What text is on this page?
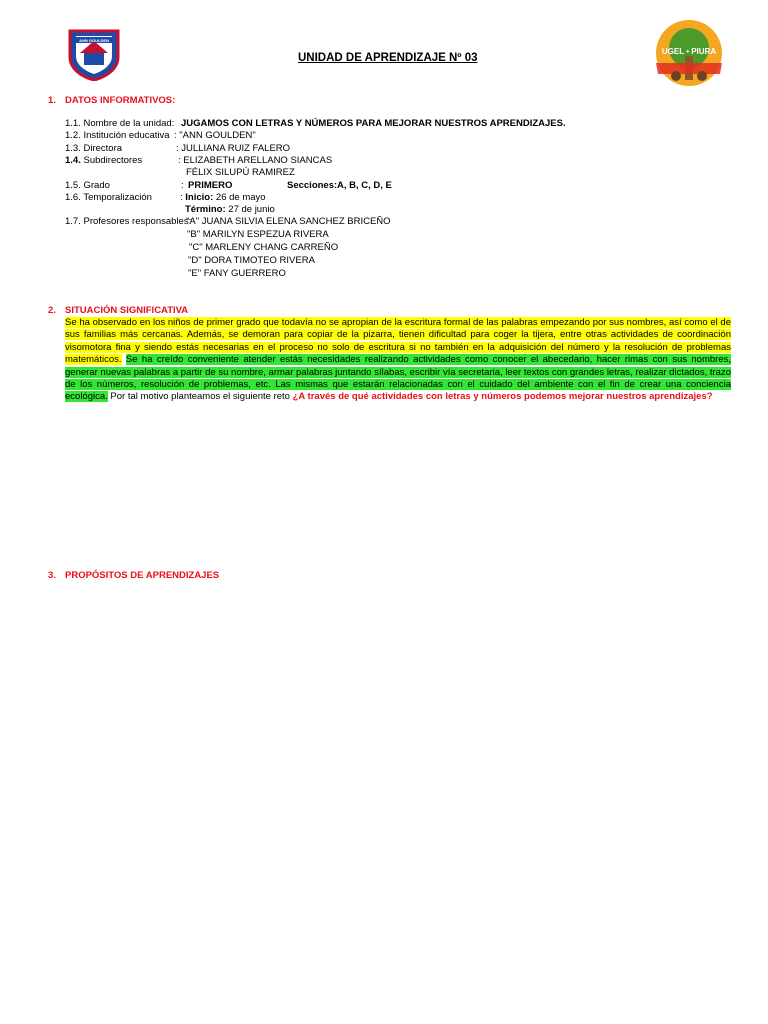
ANN GOULDEN
UNIDAD DE APRENDIZAJE Nº 03
UGEL • PIURA
1. DATOS INFORMATIVOS:
1.1. Nombre de la unidad: JUGAMOS CON LETRAS Y NÚMEROS PARA MEJORAR NUESTROS APRENDIZAJES.
1.2. Institución educativa : "ANN GOULDEN"
1.3. Directora	: JULLIANA RUIZ FALERO
1.4. Subdirectores	: ELIZABETH ARELLANO SIANCAS
FÉLIX SILUPÚ RAMIREZ
1.5. Grado	: PRIMERO	Secciones: A, B, C, D, E
1.6. Temporalización	: Inicio: 26 de mayo
Término: 27 de junio
1.7. Profesores responsables:
"A" JUANA SILVIA ELENA SANCHEZ BRICEÑO
"B" MARILYN ESPEZUA RIVERA
"C" MARLENY CHANG CARREÑO
"D" DORA TIMOTEO RIVERA
"E" FANY GUERRERO
2. SITUACIÓN SIGNIFICATIVA
Se ha observado en los niños de primer grado que todavía no se apropian de la escritura formal de las palabras empezando por sus nombres, así como el de sus familias más cercanas. Además, se demoran para copiar de la pizarra, tienen dificultad para coger la tijera, entre otras actividades de coordinación visomotora fina y siendo estás necesarias en el proceso no solo de escritura si no también en la adquisición del número y la resolución de problemas matemáticos. Se ha creído conveniente atender estás necesidades realizando actividades como conocer el abecedario, hacer rimas con sus nombres, generar nuevas palabras a partir de su nombre, armar palabras juntando sílabas, escribir vía secretaria, leer textos con grandes letras, realizar dictados, trazo de los números, resolución de problemas, etc. Las mismas que estarán relacionadas con el cuidado del ambiente con el fin de crear una conciencia ecológica. Por tal motivo planteamos el siguiente reto ¿A través de qué actividades con letras y números podemos mejorar nuestros aprendizajes?
3. PROPÓSITOS DE APRENDIZAJES
